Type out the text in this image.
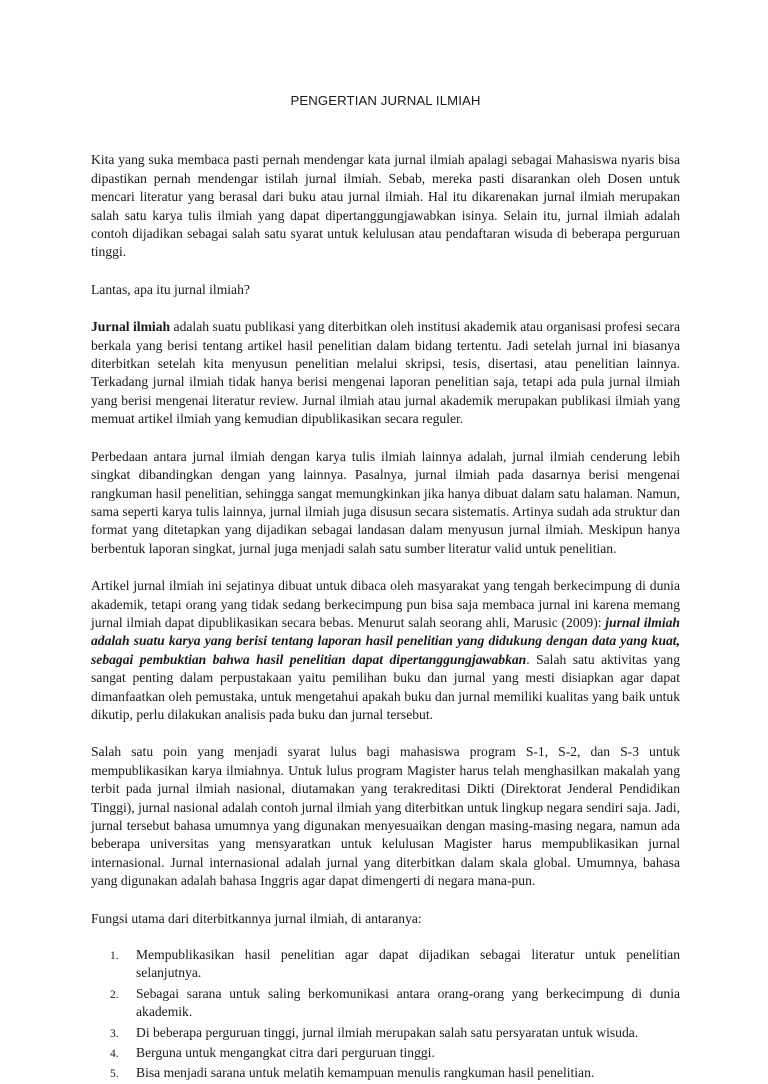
PENGERTIAN JURNAL ILMIAH

Kita yang suka membaca pasti pernah mendengar kata jurnal ilmiah apalagi sebagai Mahasiswa nyaris bisa dipastikan pernah mendengar istilah jurnal ilmiah. Sebab, mereka pasti disarankan oleh Dosen untuk mencari literatur yang berasal dari buku atau jurnal ilmiah. Hal itu dikarenakan jurnal ilmiah merupakan salah satu karya tulis ilmiah yang dapat dipertanggungjawabkan isinya. Selain itu, jurnal ilmiah adalah contoh dijadikan sebagai salah satu syarat untuk kelulusan atau pendaftaran wisuda di beberapa perguruan tinggi.

Lantas, apa itu jurnal ilmiah?

Jurnal ilmiah adalah suatu publikasi yang diterbitkan oleh institusi akademik atau organisasi profesi secara berkala yang berisi tentang artikel hasil penelitian dalam bidang tertentu. Jadi setelah jurnal ini biasanya diterbitkan setelah kita menyusun penelitian melalui skripsi, tesis, disertasi, atau penelitian lainnya. Terkadang jurnal ilmiah tidak hanya berisi mengenai laporan penelitian saja, tetapi ada pula jurnal ilmiah yang berisi mengenai literatur review. Jurnal ilmiah atau jurnal akademik merupakan publikasi ilmiah yang memuat artikel ilmiah yang kemudian dipublikasikan secara reguler.

Perbedaan antara jurnal ilmiah dengan karya tulis ilmiah lainnya adalah, jurnal ilmiah cenderung lebih singkat dibandingkan dengan yang lainnya. Pasalnya, jurnal ilmiah pada dasarnya berisi mengenai rangkuman hasil penelitian, sehingga sangat memungkinkan jika hanya dibuat dalam satu halaman. Namun, sama seperti karya tulis lainnya, jurnal ilmiah juga disusun secara sistematis. Artinya sudah ada struktur dan format yang ditetapkan yang dijadikan sebagai landasan dalam menyusun jurnal ilmiah. Meskipun hanya berbentuk laporan singkat, jurnal juga menjadi salah satu sumber literatur valid untuk penelitian.

Artikel jurnal ilmiah ini sejatinya dibuat untuk dibaca oleh masyarakat yang tengah berkecimpung di dunia akademik, tetapi orang yang tidak sedang berkecimpung pun bisa saja membaca jurnal ini karena memang jurnal ilmiah dapat dipublikasikan secara bebas. Menurut salah seorang ahli, Marusic (2009): jurnal ilmiah adalah suatu karya yang berisi tentang laporan hasil penelitian yang didukung dengan data yang kuat, sebagai pembuktian bahwa hasil penelitian dapat dipertanggungjawabkan. Salah satu aktivitas yang sangat penting dalam perpustakaan yaitu pemilihan buku dan jurnal yang mesti disiapkan agar dapat dimanfaatkan oleh pemustaka, untuk mengetahui apakah buku dan jurnal memiliki kualitas yang baik untuk dikutip, perlu dilakukan analisis pada buku dan jurnal tersebut.

Salah satu poin yang menjadi syarat lulus bagi mahasiswa program S-1, S-2, dan S-3 untuk mempublikasikan karya ilmiahnya. Untuk lulus program Magister harus telah menghasilkan makalah yang terbit pada jurnal ilmiah nasional, diutamakan yang terakreditasi Dikti (Direktorat Jenderal Pendidikan Tinggi), jurnal nasional adalah contoh jurnal ilmiah yang diterbitkan untuk lingkup negara sendiri saja. Jadi, jurnal tersebut bahasa umumnya yang digunakan menyesuaikan dengan masing-masing negara, namun ada beberapa universitas yang mensyaratkan untuk kelulusan Magister harus mempublikasikan jurnal internasional. Jurnal internasional adalah jurnal yang diterbitkan dalam skala global. Umumnya, bahasa yang digunakan adalah bahasa Inggris agar dapat dimengerti di negara mana-pun.

Fungsi utama dari diterbitkannya jurnal ilmiah, di antaranya:

1. Mempublikasikan hasil penelitian agar dapat dijadikan sebagai literatur untuk penelitian selanjutnya.
2. Sebagai sarana untuk saling berkomunikasi antara orang-orang yang berkecimpung di dunia akademik.
3. Di beberapa perguruan tinggi, jurnal ilmiah merupakan salah satu persyaratan untuk wisuda.
4. Berguna untuk mengangkat citra dari perguruan tinggi.
5. Bisa menjadi sarana untuk melatih kemampuan menulis rangkuman hasil penelitian.
